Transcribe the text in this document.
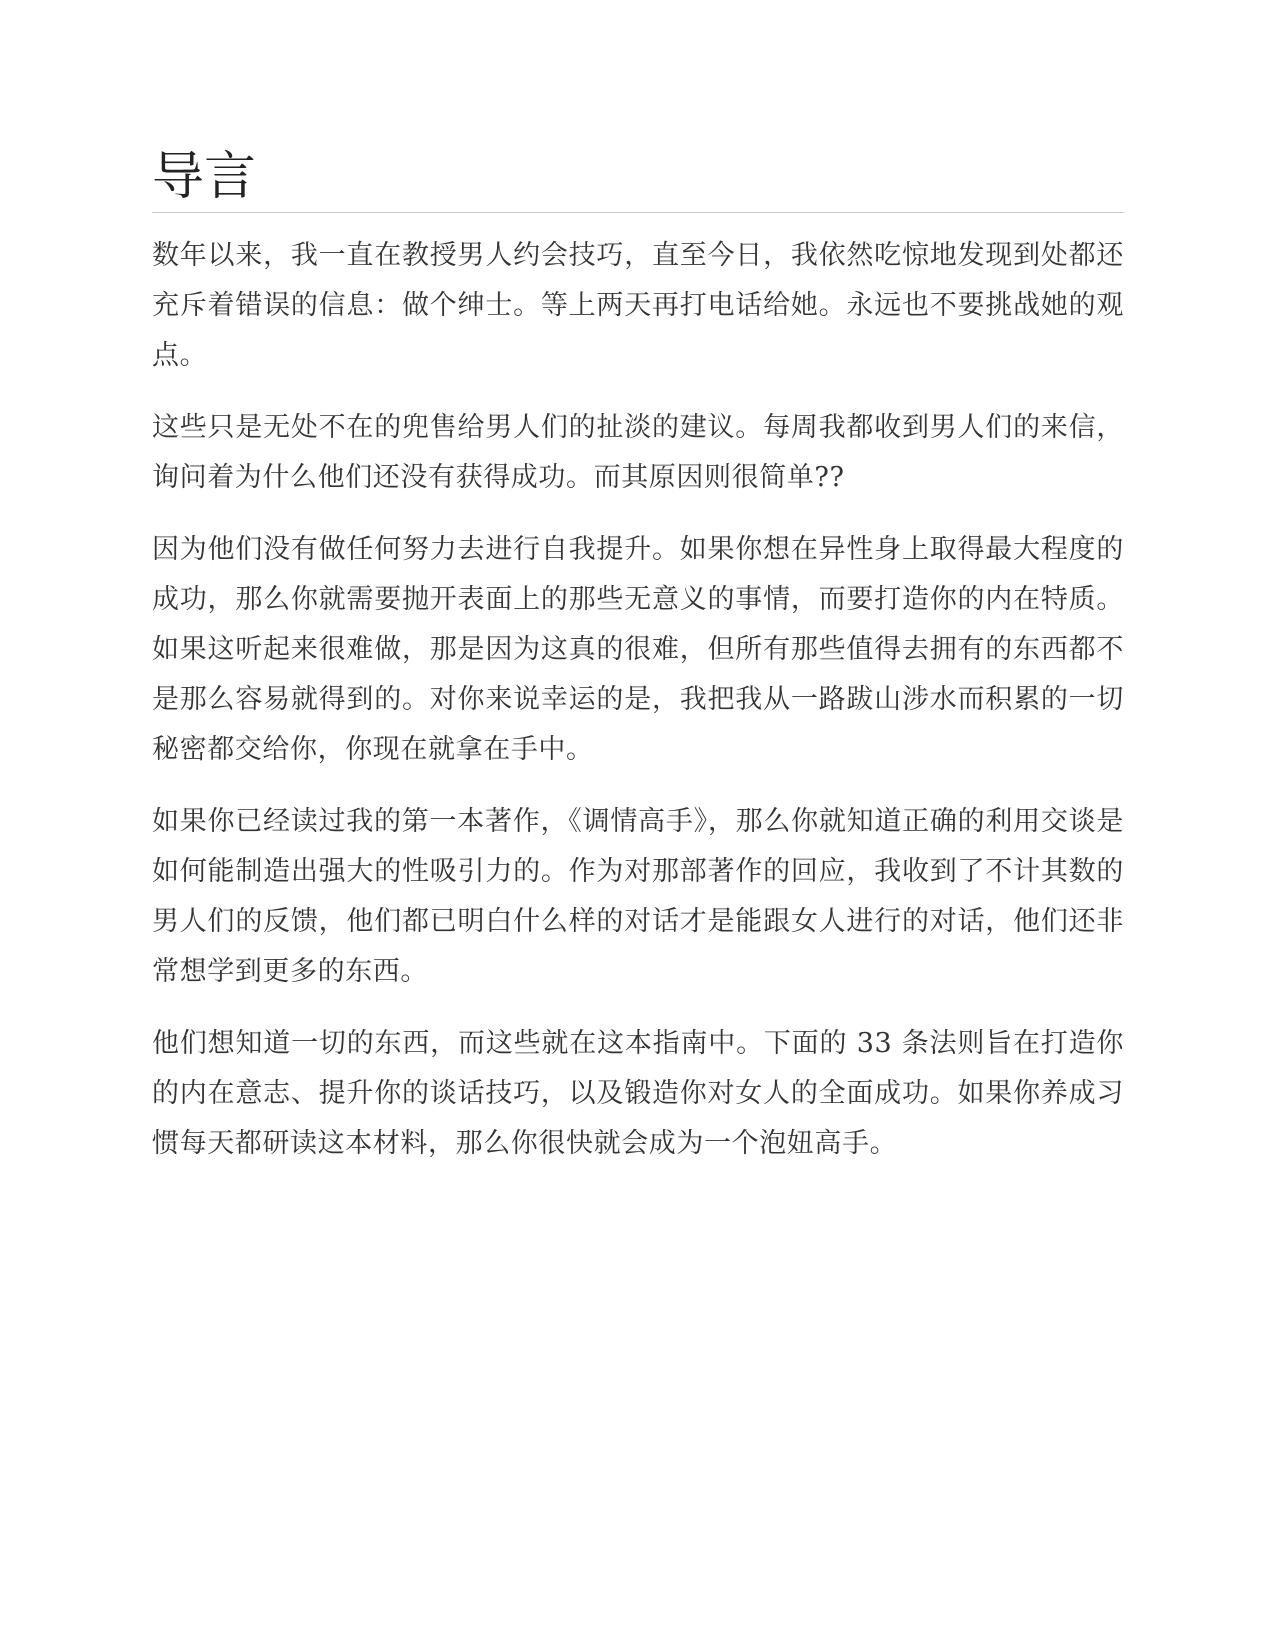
导言

数年以来，我一直在教授男人约会技巧，直至今日，我依然吃惊地发现到处都还充斥着错误的信息：做个绅士。等上两天再打电话给她。永远也不要挑战她的观点。

这些只是无处不在的兜售给男人们的扯淡的建议。每周我都收到男人们的来信，询问着为什么他们还没有获得成功。而其原因则很简单??

因为他们没有做任何努力去进行自我提升。如果你想在异性身上取得最大程度的成功，那么你就需要抛开表面上的那些无意义的事情，而要打造你的内在特质。如果这听起来很难做，那是因为这真的很难，但所有那些值得去拥有的东西都不是那么容易就得到的。对你来说幸运的是，我把我从一路跋山涉水而积累的一切秘密都交给你，你现在就拿在手中。

如果你已经读过我的第一本著作，《调情高手》，那么你就知道正确的利用交谈是如何能制造出强大的性吸引力的。作为对那部著作的回应，我收到了不计其数的男人们的反馈，他们都已明白什么样的对话才是能跟女人进行的对话，他们还非常想学到更多的东西。

他们想知道一切的东西，而这些就在这本指南中。下面的 33 条法则旨在打造你的内在意志、提升你的谈话技巧，以及锻造你对女人的全面成功。如果你养成习惯每天都研读这本材料，那么你很快就会成为一个泡妞高手。
